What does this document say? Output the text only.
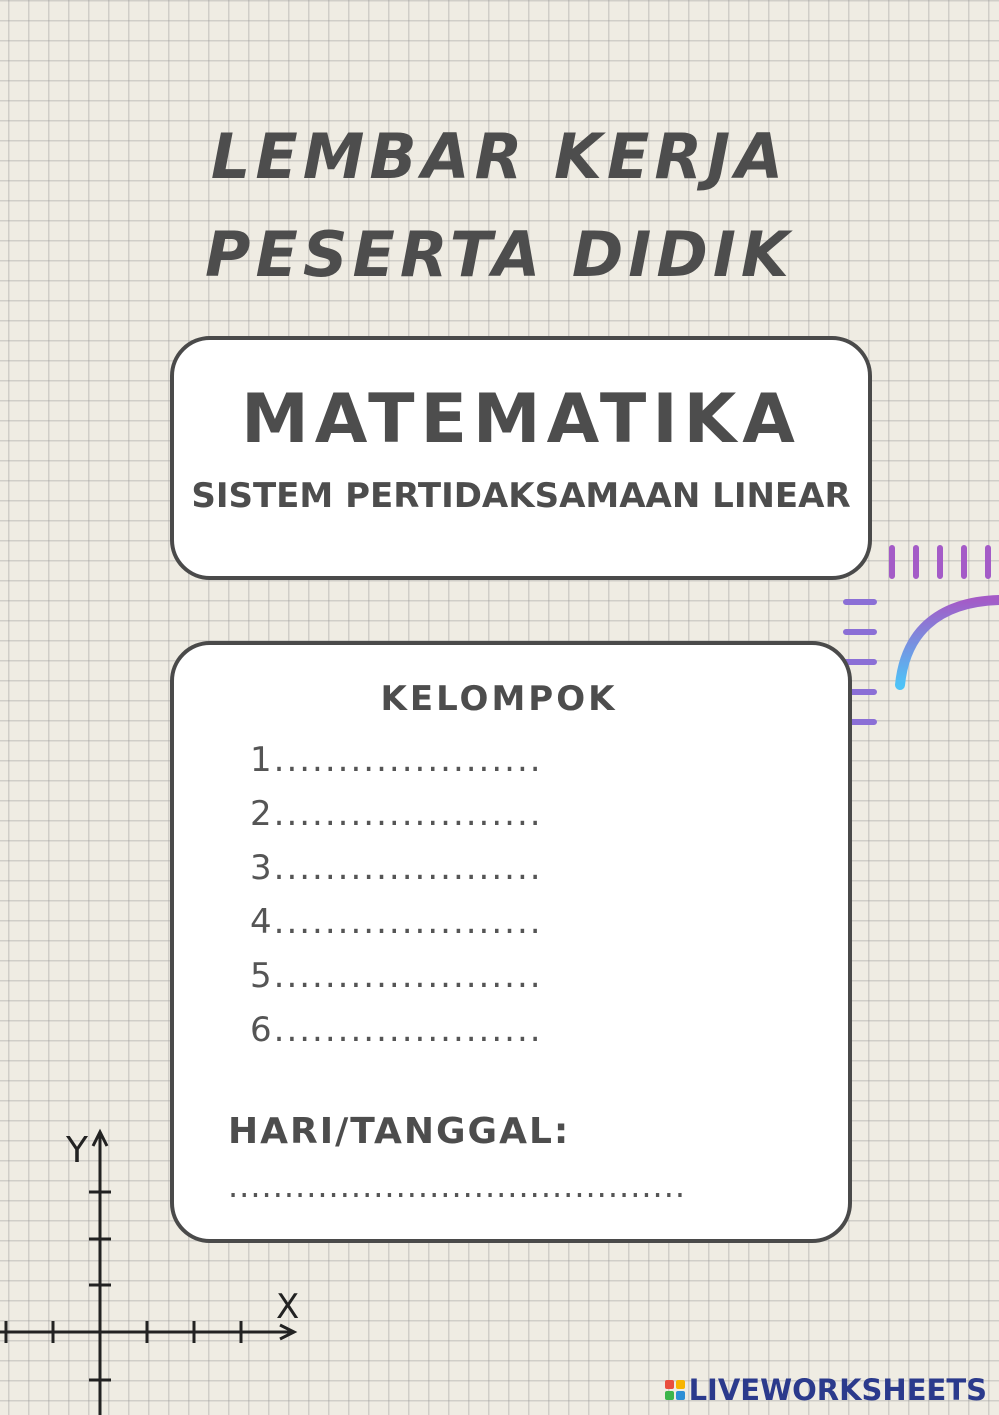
LEMBAR KERJA
PESERTA DIDIK
MATEMATIKA
SISTEM PERTIDAKSAMAAN LINEAR
KELOMPOK
1.....................
2.....................
3.....................
4.....................
5.....................
6.....................
HARI/TANGGAL:
.........................................
Y
X
LIVEWORKSHEETS
